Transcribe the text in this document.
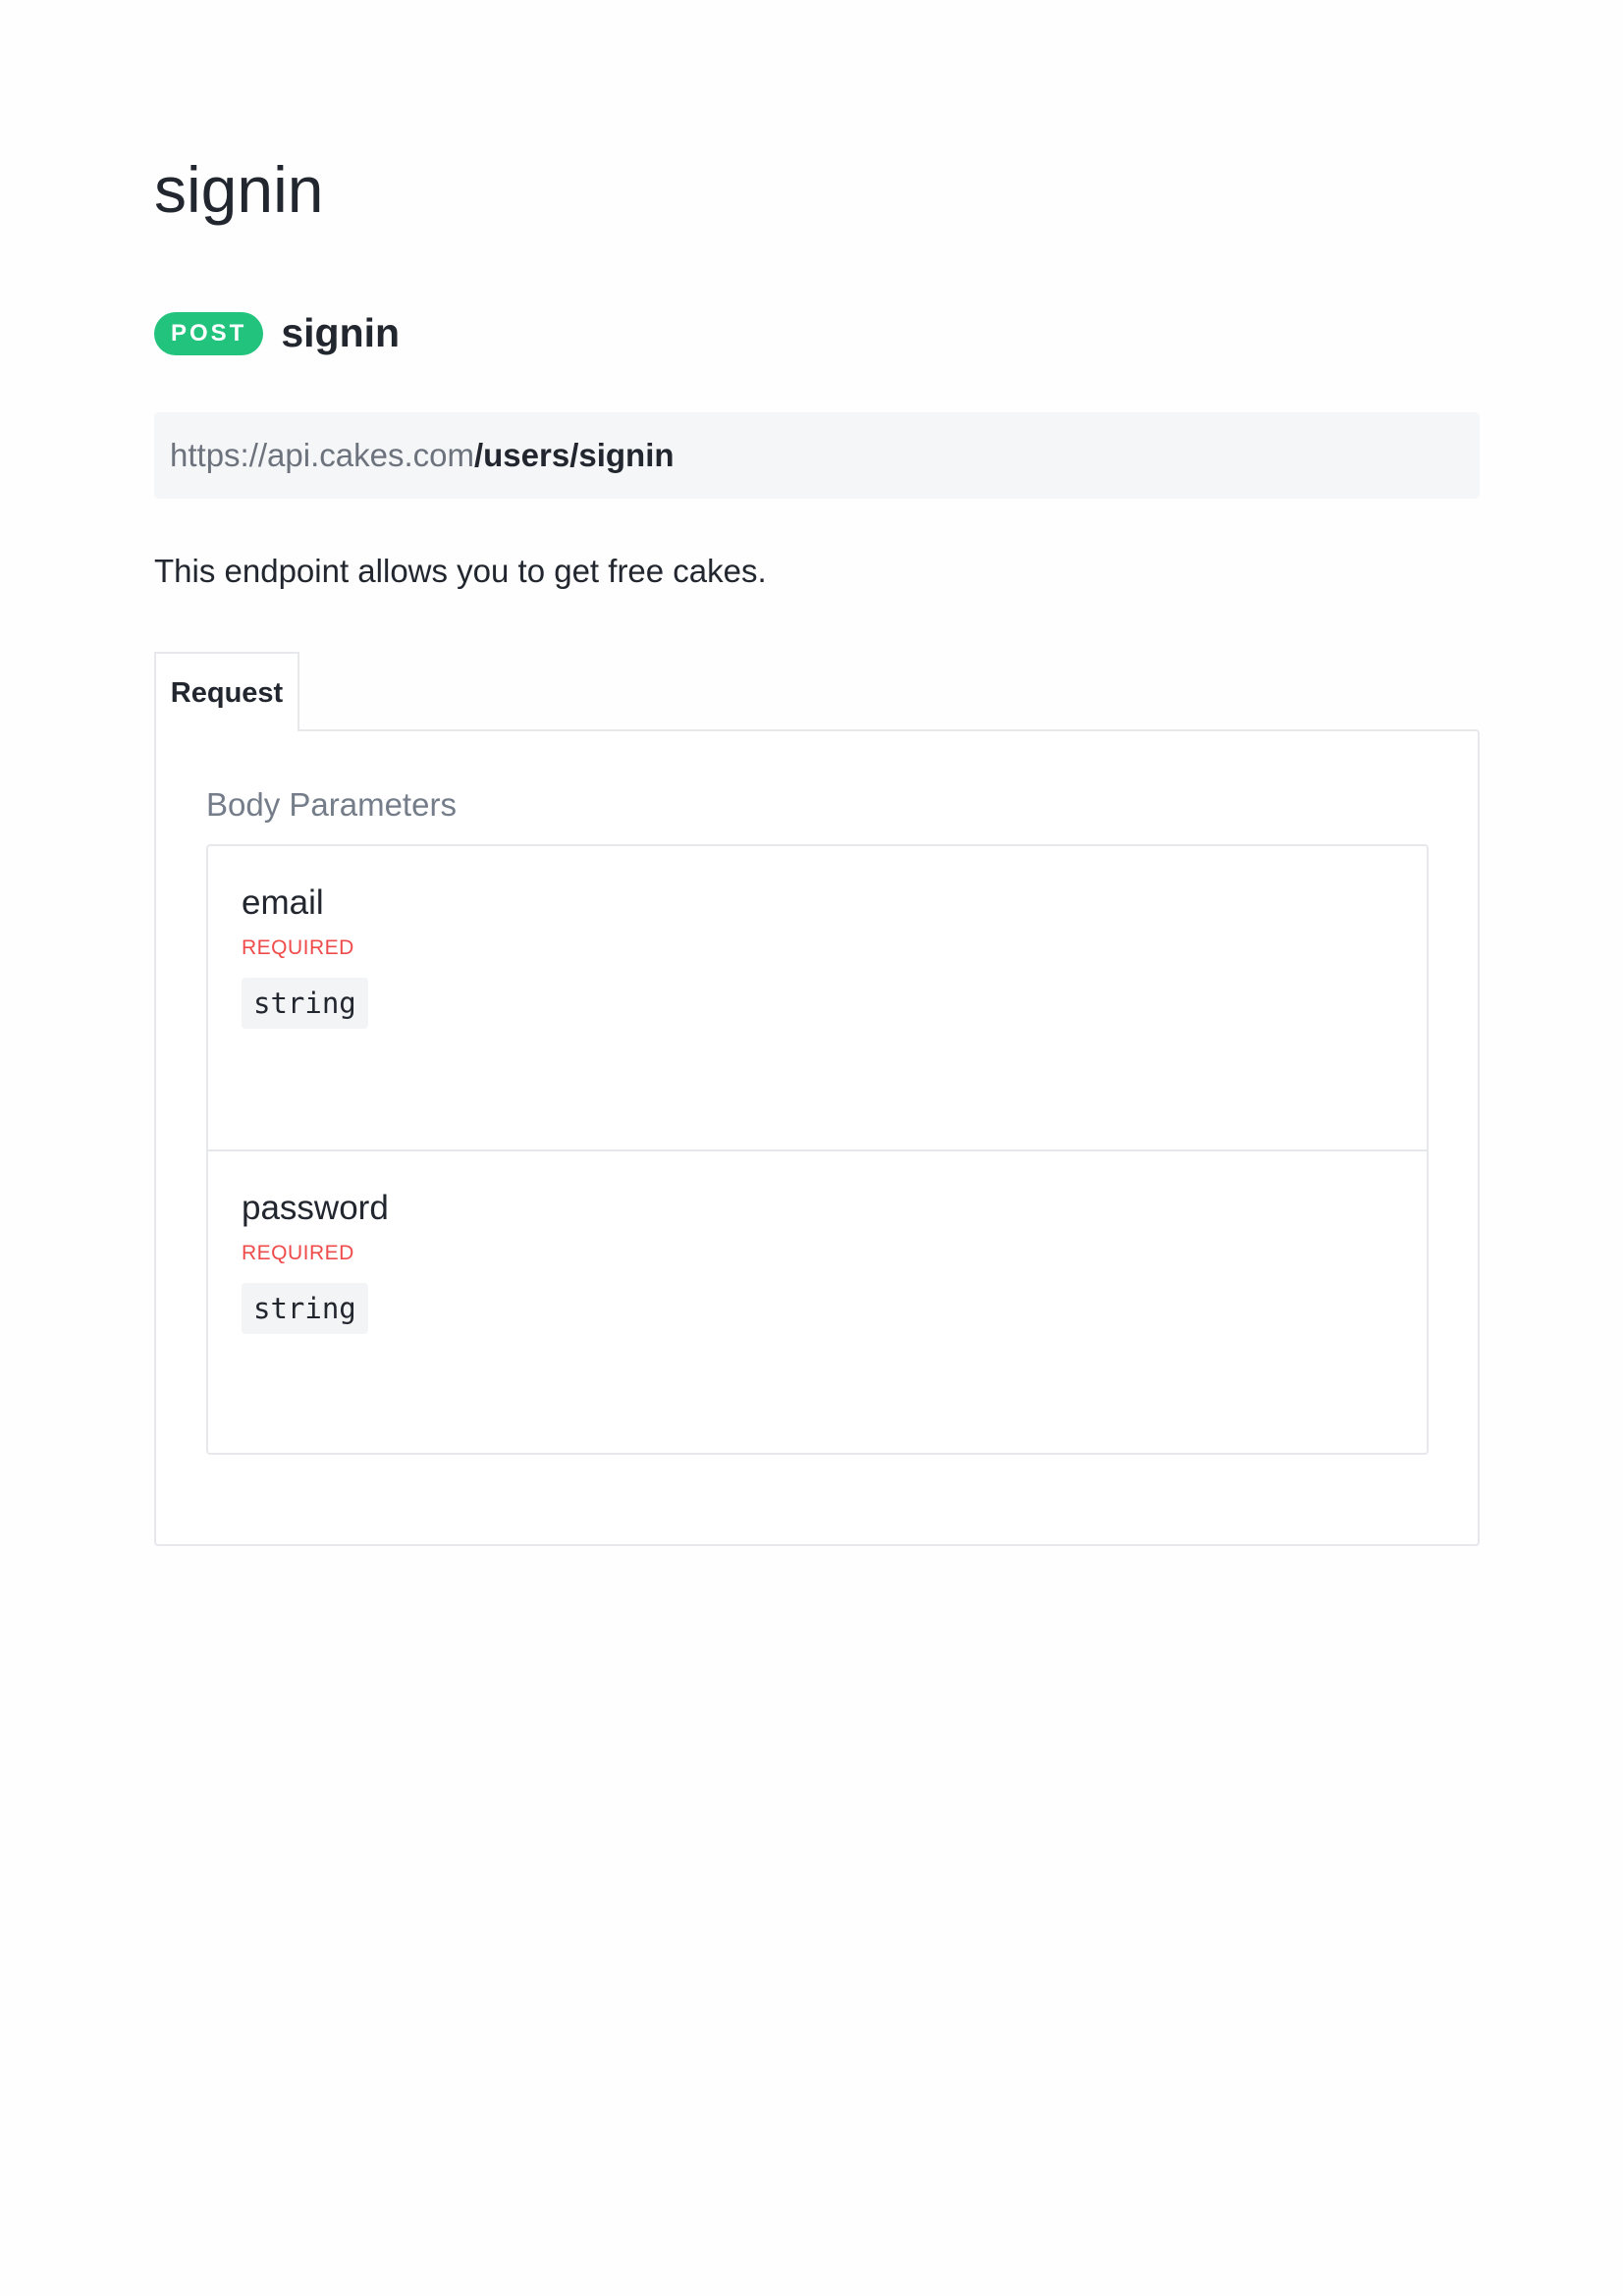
signin
POST signin
https://api.cakes.com/users/signin

This endpoint allows you to get free cakes.

Request
Body Parameters
email
REQUIRED
string
password
REQUIRED
string
